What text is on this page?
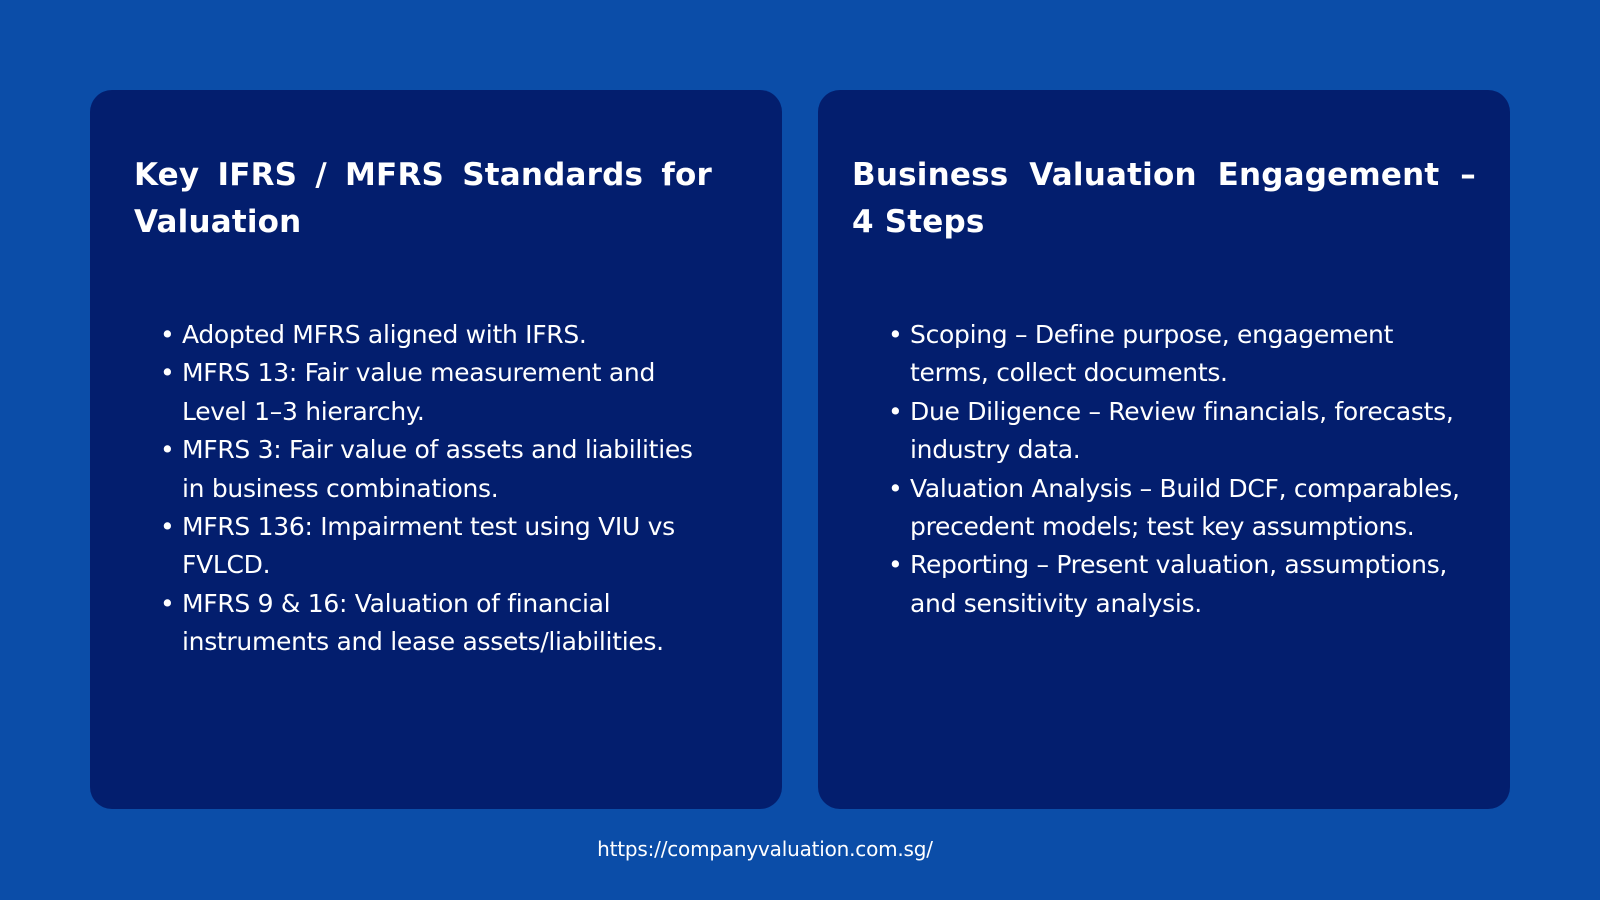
Key IFRS / MFRS Standards for Valuation
• Adopted MFRS aligned with IFRS.
• MFRS 13: Fair value measurement and Level 1–3 hierarchy.
• MFRS 3: Fair value of assets and liabilities in business combinations.
• MFRS 136: Impairment test using VIU vs FVLCD.
• MFRS 9 & 16: Valuation of financial instruments and lease assets/liabilities.
Business Valuation Engagement – 4 Steps
• Scoping – Define purpose, engagement terms, collect documents.
• Due Diligence – Review financials, forecasts, industry data.
• Valuation Analysis – Build DCF, comparables, precedent models; test key assumptions.
• Reporting – Present valuation, assumptions, and sensitivity analysis.
https://companyvaluation.com.sg/
